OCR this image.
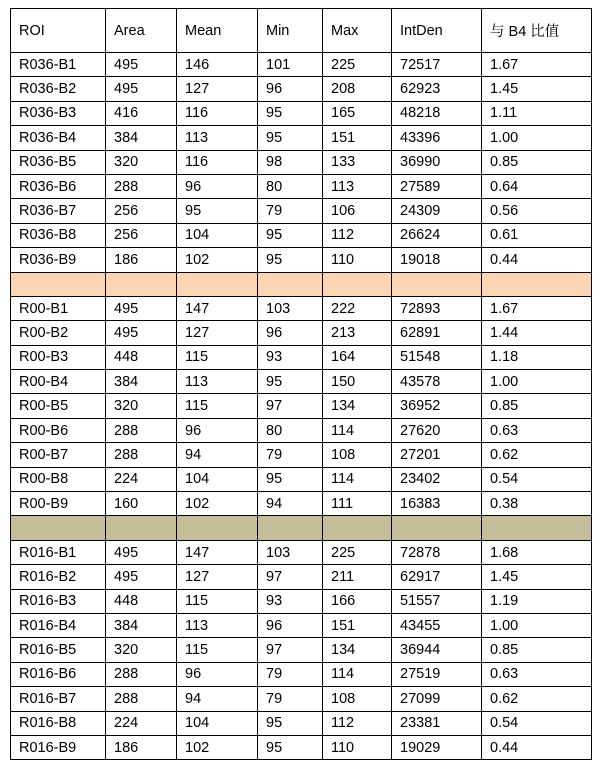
ROI	Area	Mean	Min	Max	IntDen	与 B4 比值
R036-B1	495	146	101	225	72517	1.67
R036-B2	495	127	96	208	62923	1.45
R036-B3	416	116	95	165	48218	1.11
R036-B4	384	113	95	151	43396	1.00
R036-B5	320	116	98	133	36990	0.85
R036-B6	288	96	80	113	27589	0.64
R036-B7	256	95	79	106	24309	0.56
R036-B8	256	104	95	112	26624	0.61
R036-B9	186	102	95	110	19018	0.44

R00-B1	495	147	103	222	72893	1.67
R00-B2	495	127	96	213	62891	1.44
R00-B3	448	115	93	164	51548	1.18
R00-B4	384	113	95	150	43578	1.00
R00-B5	320	115	97	134	36952	0.85
R00-B6	288	96	80	114	27620	0.63
R00-B7	288	94	79	108	27201	0.62
R00-B8	224	104	95	114	23402	0.54
R00-B9	160	102	94	111	16383	0.38

R016-B1	495	147	103	225	72878	1.68
R016-B2	495	127	97	211	62917	1.45
R016-B3	448	115	93	166	51557	1.19
R016-B4	384	113	96	151	43455	1.00
R016-B5	320	115	97	134	36944	0.85
R016-B6	288	96	79	114	27519	0.63
R016-B7	288	94	79	108	27099	0.62
R016-B8	224	104	95	112	23381	0.54
R016-B9	186	102	95	110	19029	0.44
